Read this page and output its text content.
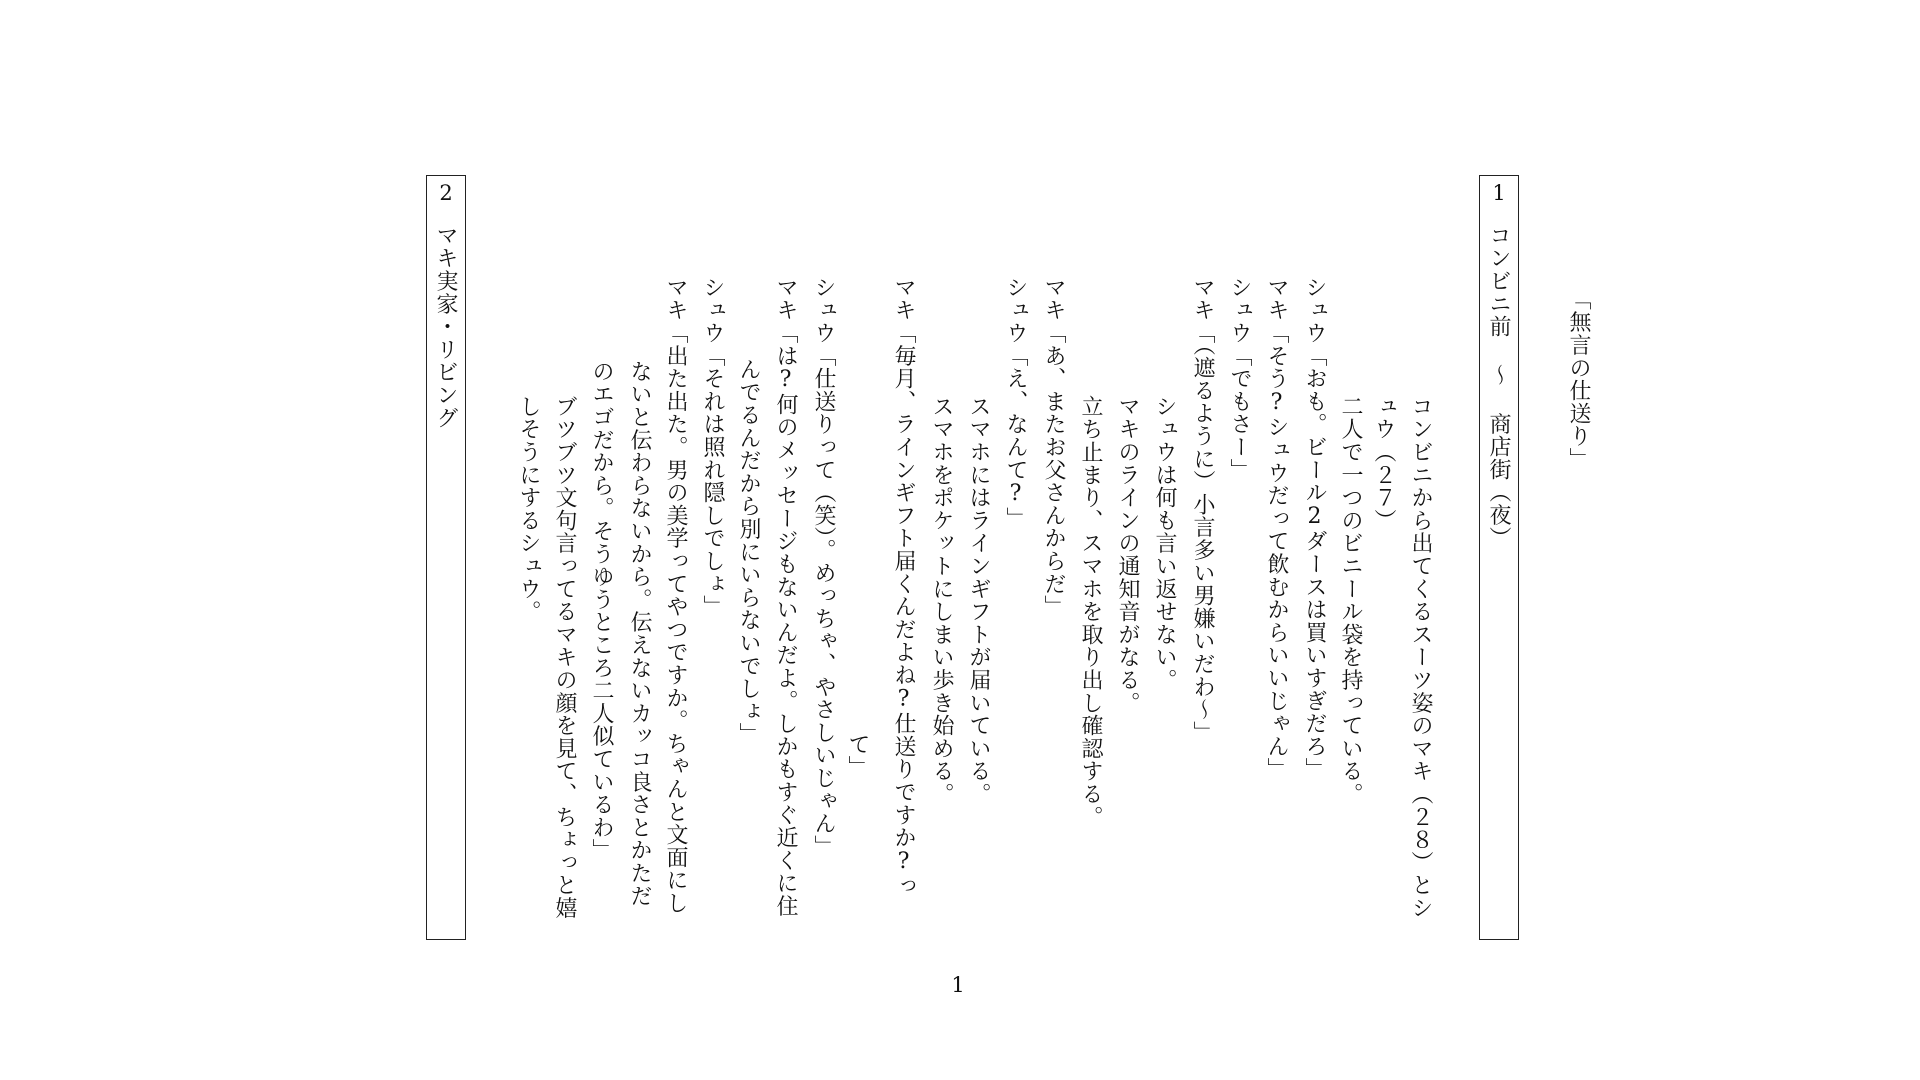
「無言の仕送り」
1
コンビニ前 ～ 商店街（夜）
コンビニから出てくるスーツ姿のマキ（２８）とシ
ュウ（２７）
二人で一つのビニール袋を持っている。
シュウ「おも。ビール2ダースは買いすぎだろ」
マキ「そう?シュウだって飲むからいいじゃん」
シュウ「でもさー」
マキ「（遮るように）小言多い男嫌いだわ～」
シュウは何も言い返せない。
マキのラインの通知音がなる。
立ち止まり、スマホを取り出し確認する。
マキ「あ、またお父さんからだ」
シュウ「え、なんて?」
スマホにはラインギフトが届いている。
スマホをポケットにしまい歩き始める。
マキ「毎月、ラインギフト届くんだよね?仕送りですか?っ
て」
シュウ「仕送りって（笑）。めっちゃ、やさしいじゃん」
マキ「は?何のメッセージもないんだよ。しかもすぐ近くに住
んでるんだから別にいらないでしょ」
シュウ「それは照れ隠しでしょ」
マキ「出た出た。男の美学ってやつですか。ちゃんと文面にし
ないと伝わらないから。伝えないカッコ良さとかただ
のエゴだから。そうゆうところ二人似ているわ」
ブツブツ文句言ってるマキの顔を見て、ちょっと嬉
しそうにするシュウ。
2
マキ実家・リビング
1
